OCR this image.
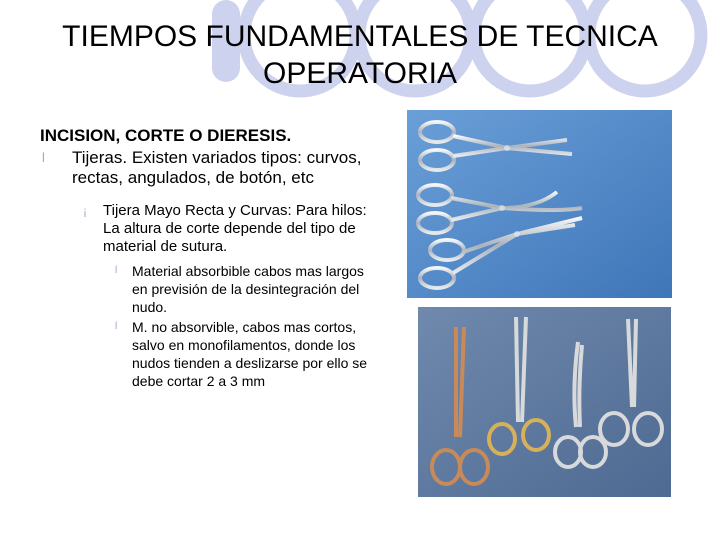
TIEMPOS FUNDAMENTALES DE TECNICA OPERATORIA
INCISION, CORTE O DIERESIS.
l Tijeras. Existen variados tipos: curvos, rectas, angulados, de botón, etc
¡ Tijera Mayo Recta y Curvas: Para hilos: La altura de corte depende del tipo de material de sutura.
l Material absorbible cabos mas largos en previsión de la desintegración del nudo.
l M. no absorvible, cabos mas cortos, salvo en monofilamentos, donde los nudos tienden a deslizarse por ello se debe cortar 2 a 3 mm
